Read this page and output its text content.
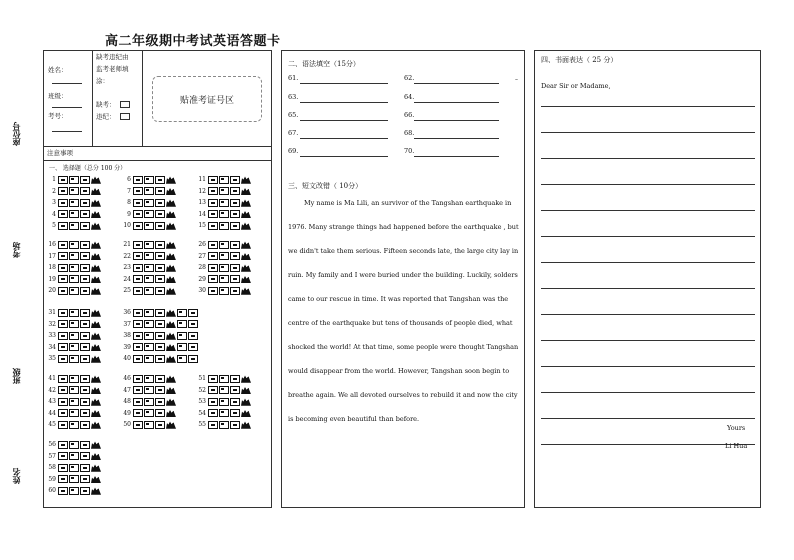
高二年级期中考试英语答题卡
座位号
考场
班级
姓名
姓名：
班级：
考号：
缺考违纪由
监考老师填
涂：
缺考：
违纪：
贴准考证号区
注意事项
一、 选择题（总分 100 分）
1
2
3
4
5
6
7
8
9
10
11
12
13
14
15
16
17
18
19
20
21
22
23
24
25
26
27
28
29
30
31
32
33
34
35
36
37
38
39
40
41
42
43
44
45
46
47
48
49
50
51
52
53
54
55
56
57
58
59
60
二、语法填空（15分）
61.	62.	–
63.	64.
65.	66.
67.	68.
69.	70.
三、短文改错（ 10分）
My name is Ma Lili, an survivor of the Tangshan earthquake in
1976. Many strange things had happened before the earthquake , but
we didn't take them serious. Fifteen seconds late, the large city lay in
ruin. My family and I were buried under the building. Luckily, solders
came to our rescue in time. It was reported that Tangshan was the
centre of the earthquake but tens of thousands of people died, what
shocked the world! At that time, some people were thought Tangshan
would disappear from the world. However, Tangshan soon begin to
breathe again. We all devoted ourselves to rebuild it and now the city
is becoming even beautiful than before.
四、书面表达（ 25 分）
Dear Sir or Madame,
Yours
Li Hua
